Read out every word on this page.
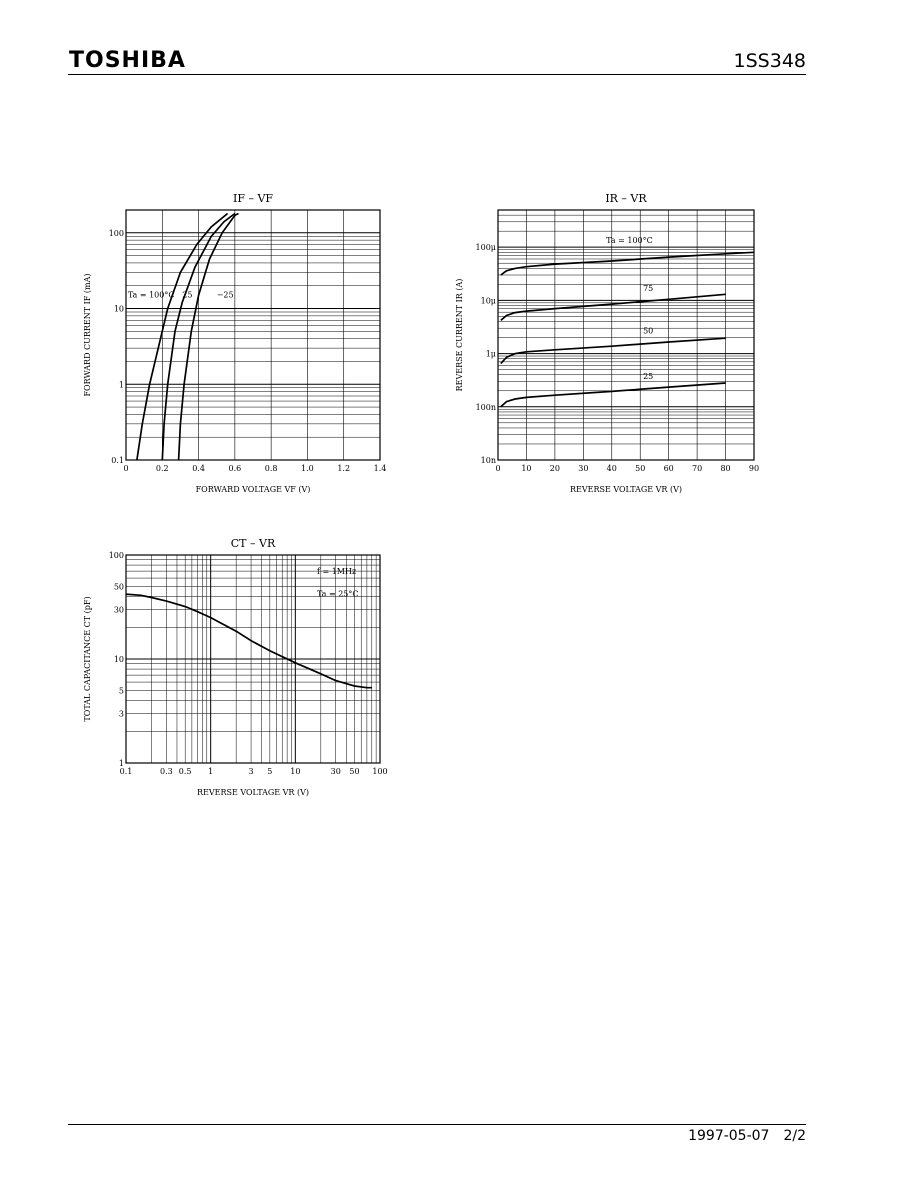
TOSHIBA	1SS348
0	0.2	0.4	0.6	0.8	1.0	1.2	1.4
0.1
1
10
100
IF – VF
FORWARD VOLTAGE VF (V)
FORWARD CURRENT IF (mA)	Ta = 100°C 25	−25
0	10 20 30 40 50 60 70 80 90
10n
100n
1μ
10μ
100μ
IR – VR
REVERSE VOLTAGE VR (V)
REVERSE CURRENT IR (A)
Ta = 100°C
75
50
25
0.1	0.3 0.5 1	3 5 10	30 50 100
1
3
5
10
30
50
100
CT – VR
REVERSE VOLTAGE VR (V)
TOTAL CAPACITANCE CT (pF)
f = 1MHz
Ta = 25°C
1997-05-07 2/2
